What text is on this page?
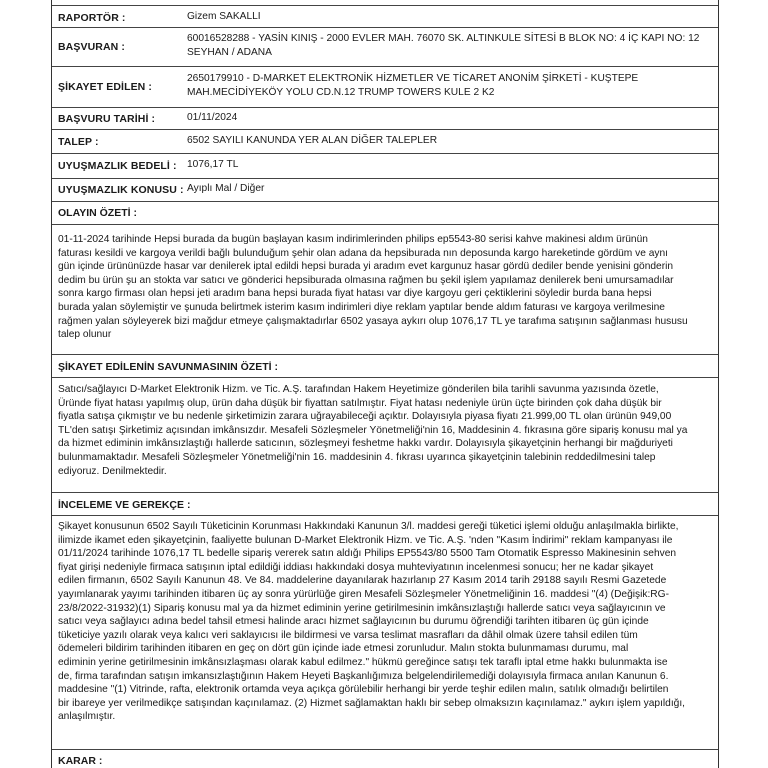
RAPORTÖR :	Gizem SAKALLI
BAŞVURAN :
60016528288 - YASİN KINIŞ - 2000 EVLER MAH. 76070 SK. ALTINKULE SİTESİ B BLOK NO: 4 İÇ KAPI NO: 12
SEYHAN / ADANA
ŞİKAYET EDİLEN :
2650179910 - D-MARKET ELEKTRONİK HİZMETLER VE TİCARET ANONİM ŞİRKETİ - KUŞTEPE
MAH.MECİDİYEKÖY YOLU CD.N.12 TRUMP TOWERS KULE 2 K2
BAŞVURU TARİHİ :	01/11/2024
TALEP :	6502 SAYILI KANUNDA YER ALAN DİĞER TALEPLER
UYUŞMAZLIK BEDELİ : 1076,17 TL
UYUŞMAZLIK KONUSU : Ayıplı Mal / Diğer
OLAYIN ÖZETİ :
01-11-2024 tarihinde Hepsi burada da bugün başlayan kasım indirimlerinden philips ep5543-80 serisi kahve makinesi aldım ürünün
faturası kesildi ve kargoya verildi bağlı bulunduğum şehir olan adana da hepsiburada nın deposunda kargo hareketinde gördüm ve aynı
gün içinde ürününüzde hasar var denilerek iptal edildi hepsi burada yi aradım evet kargunuz hasar gördü dediler bende yenisini gönderin
dedim bu ürün şu an stokta var satıcı ve gönderici hepsiburada olmasına rağmen bu şekil işlem yapılamaz denilerek beni umursamadılar
sonra kargo firması olan hepsi jeti aradım bana hepsi burada fiyat hatası var diye kargoyu geri çektiklerini söyledir burda bana hepsi
burada yalan söylemiştir ve şunuda belirtmek isterim kasım indirimleri diye reklam yaptılar bende aldım faturası ve kargoya verilmesine
rağmen yalan söyleyerek bizi mağdur etmeye çalışmaktadırlar 6502 yasaya aykırı olup 1076,17 TL ye tarafıma satışının sağlanması hususu
talep olunur
ŞİKAYET EDİLENİN SAVUNMASININ ÖZETİ :
Satıcı/sağlayıcı D-Market Elektronik Hizm. ve Tic. A.Ş. tarafından Hakem Heyetimize gönderilen bila tarihli savunma yazısında özetle,
Üründe fiyat hatası yapılmış olup, ürün daha düşük bir fiyattan satılmıştır. Fiyat hatası nedeniyle ürün üçte birinden çok daha düşük bir
fiyatla satışa çıkmıştır ve bu nedenle şirketimizin zarara uğrayabileceği açıktır. Dolayısıyla piyasa fiyatı 21.999,00 TL olan ürünün 949,00
TL'den satışı Şirketimiz açısından imkânsızdır. Mesafeli Sözleşmeler Yönetmeliği'nin 16, Maddesinin 4. fıkrasına göre sipariş konusu mal ya
da hizmet ediminin imkânsızlaştığı hallerde satıcının, sözleşmeyi feshetme hakkı vardır. Dolayısıyla şikayetçinin herhangi bir mağduriyeti
bulunmamaktadır. Mesafeli Sözleşmeler Yönetmeliği'nin 16. maddesinin 4. fıkrası uyarınca şikayetçinin talebinin reddedilmesini talep
ediyoruz. Denilmektedir.
İNCELEME VE GEREKÇE :
Şikayet konusunun 6502 Sayılı Tüketicinin Korunması Hakkındaki Kanunun 3/l. maddesi gereği tüketici işlemi olduğu anlaşılmakla birlikte,
ilimizde ikamet eden şikayetçinin, faaliyette bulunan D-Market Elektronik Hizm. ve Tic. A.Ş. 'nden "Kasım İndirimi" reklam kampanyası ile
01/11/2024 tarihinde 1076,17 TL bedelle sipariş vererek satın aldığı Philips EP5543/80 5500 Tam Otomatik Espresso Makinesinin sehven
fiyat girişi nedeniyle firmaca satışının iptal edildiği iddiası hakkındaki dosya muhteviyatının incelenmesi sonucu; her ne kadar şikayet
edilen firmanın, 6502 Sayılı Kanunun 48. Ve 84. maddelerine dayanılarak hazırlanıp 27 Kasım 2014 tarih 29188 sayılı Resmi Gazetede
yayımlanarak yayımı tarihinden itibaren üç ay sonra yürürlüğe giren Mesafeli Sözleşmeler Yönetmeliğinin 16. maddesi "(4) (Değişik:RG-
23/8/2022-31932)(1) Sipariş konusu mal ya da hizmet ediminin yerine getirilmesinin imkânsızlaştığı hallerde satıcı veya sağlayıcının ve
satıcı veya sağlayıcı adına bedel tahsil etmesi halinde aracı hizmet sağlayıcının bu durumu öğrendiği tarihten itibaren üç gün içinde
tüketiciye yazılı olarak veya kalıcı veri saklayıcısı ile bildirmesi ve varsa teslimat masrafları da dâhil olmak üzere tahsil edilen tüm
ödemeleri bildirim tarihinden itibaren en geç on dört gün içinde iade etmesi zorunludur. Malın stokta bulunmaması durumu, mal
ediminin yerine getirilmesinin imkânsızlaşması olarak kabul edilmez." hükmü gereğince satışı tek taraflı iptal etme hakkı bulunmakta ise
de, firma tarafından satışın imkansızlaştığının Hakem Heyeti Başkanlığımıza belgelendirilemediği dolayısıyla firmaca anılan Kanunun 6.
maddesine "(1) Vitrinde, rafta, elektronik ortamda veya açıkça görülebilir herhangi bir yerde teşhir edilen malın, satılık olmadığı belirtilen
bir ibareye yer verilmedikçe satışından kaçınılamaz. (2) Hizmet sağlamaktan haklı bir sebep olmaksızın kaçınılamaz." aykırı işlem yapıldığı,
anlaşılmıştır.
KARAR :
